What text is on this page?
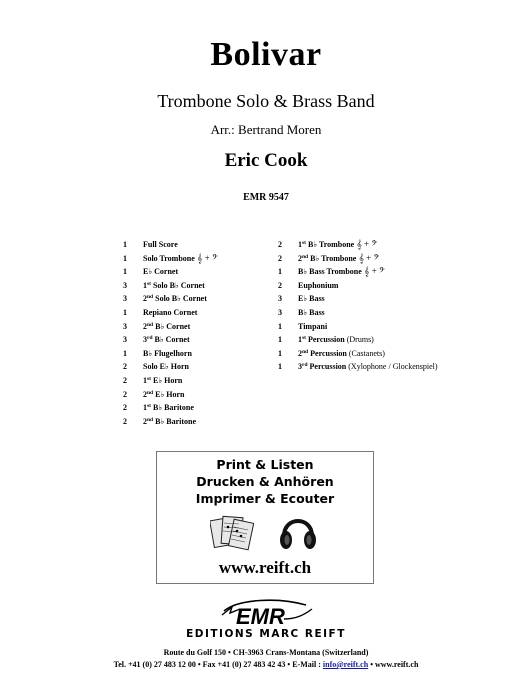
Bolivar
Trombone Solo & Brass Band
Arr.: Bertrand Moren
Eric Cook
EMR 9547
1	Full Score
1	Solo Trombone 𝄞 + 𝄢
1	E♭ Cornet
3	1st Solo B♭ Cornet
3	2nd Solo B♭ Cornet
1	Repiano Cornet
3	2nd B♭ Cornet
3	3rd B♭ Cornet
1	B♭ Flugelhorn
2	Solo E♭ Horn
2	1st E♭ Horn
2	2nd E♭ Horn
2	1st B♭ Baritone
2	2nd B♭ Baritone
2	1st B♭ Trombone 𝄞 + 𝄢
2	2nd B♭ Trombone 𝄞 + 𝄢
1	B♭ Bass Trombone 𝄞 + 𝄢
2	Euphonium
3	E♭ Bass
3	B♭ Bass
1	Timpani
1	1st Percussion (Drums)
1	2nd Percussion (Castanets)
1	3rd Percussion (Xylophone / Glockenspiel)
Print & Listen
Drucken & Anhören
Imprimer & Ecouter
www.reift.ch
EMR
EDITIONS MARC REIFT
Route du Golf 150 • CH-3963 Crans-Montana (Switzerland)
Tel. +41 (0) 27 483 12 00 • Fax +41 (0) 27 483 42 43 • E-Mail : info@reift.ch • www.reift.ch
